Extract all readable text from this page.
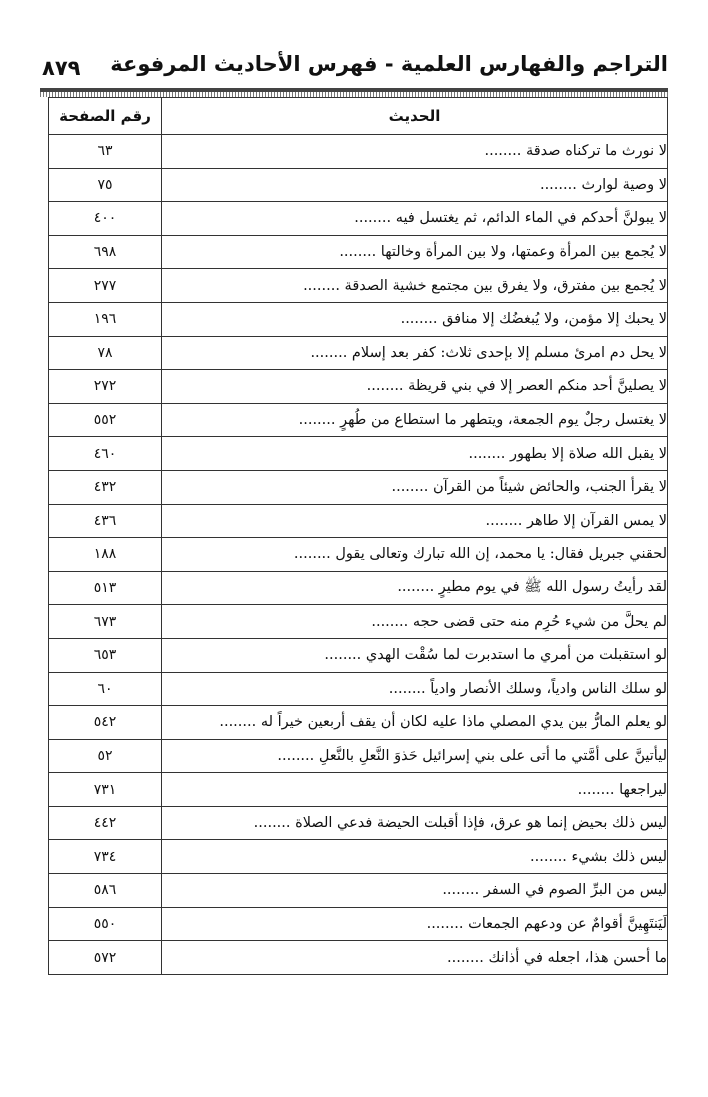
٨٧٩ التراجم والفهارس العلمية - فهرس الأحاديث المرفوعة
الحديث	رقم الصفحة
لا نورث ما تركناه صدقة ........	٦٣
لا وصية لوارث ........	٧٥
لا يبولنَّ أحدكم في الماء الدائم، ثم يغتسل فيه ........	٤٠٠
لا يُجمع بين المرأة وعمتها، ولا بين المرأة وخالتها ........	٦٩٨
لا يُجمع بين مفترق، ولا يفرق بين مجتمع خشية الصدقة ........	٢٧٧
لا يحبك إلا مؤمن، ولا يُبغضُك إلا منافق ........	١٩٦
لا يحل دم امرئ مسلم إلا بإحدى ثلاث: كفر بعد إسلام ........	٧٨
لا يصلينَّ أحد منكم العصر إلا في بني قريظة ........	٢٧٢
لا يغتسل رجلٌ يوم الجمعة، ويتطهر ما استطاع من طُهرٍ ........	٥٥٢
لا يقبل الله صلاة إلا بطهور ........	٤٦٠
لا يقرأ الجنب، والحائض شيئاً من القرآن ........	٤٣٢
لا يمس القرآن إلا طاهر ........	٤٣٦
لحقني جبريل فقال: يا محمد، إن الله تبارك وتعالى يقول ........	١٨٨
لقد رأيتُ رسول الله ﷺ في يوم مطيرٍ ........	٥١٣
لم يحلَّ من شيء حُرِم منه حتى قضى حجه ........	٦٧٣
لو استقبلت من أمري ما استدبرت لما سُقْت الهدي ........	٦٥٣
لو سلك الناس وادياً، وسلك الأنصار وادياً ........	٦٠
لو يعلم المارُّ بين يدي المصلي ماذا عليه لكان أن يقف أربعين خيراً له ........	٥٤٢
ليأتينَّ على أمَّتي ما أتى على بني إسرائيل حَذوَ النَّعلِ بالنَّعلِ ........	٥٢
ليراجعها ........	٧٣١
ليس ذلك بحيض إنما هو عرق، فإذا أقبلت الحيضة فدعي الصلاة ........	٤٤٢
ليس ذلك بشيء ........	٧٣٤
ليس من البرِّ الصوم في السفر ........	٥٨٦
لَيَنتَهِينَّ أقوامٌ عن ودعهم الجمعات ........	٥٥٠
ما أحسن هذا، اجعله في أذانك ........	٥٧٢
